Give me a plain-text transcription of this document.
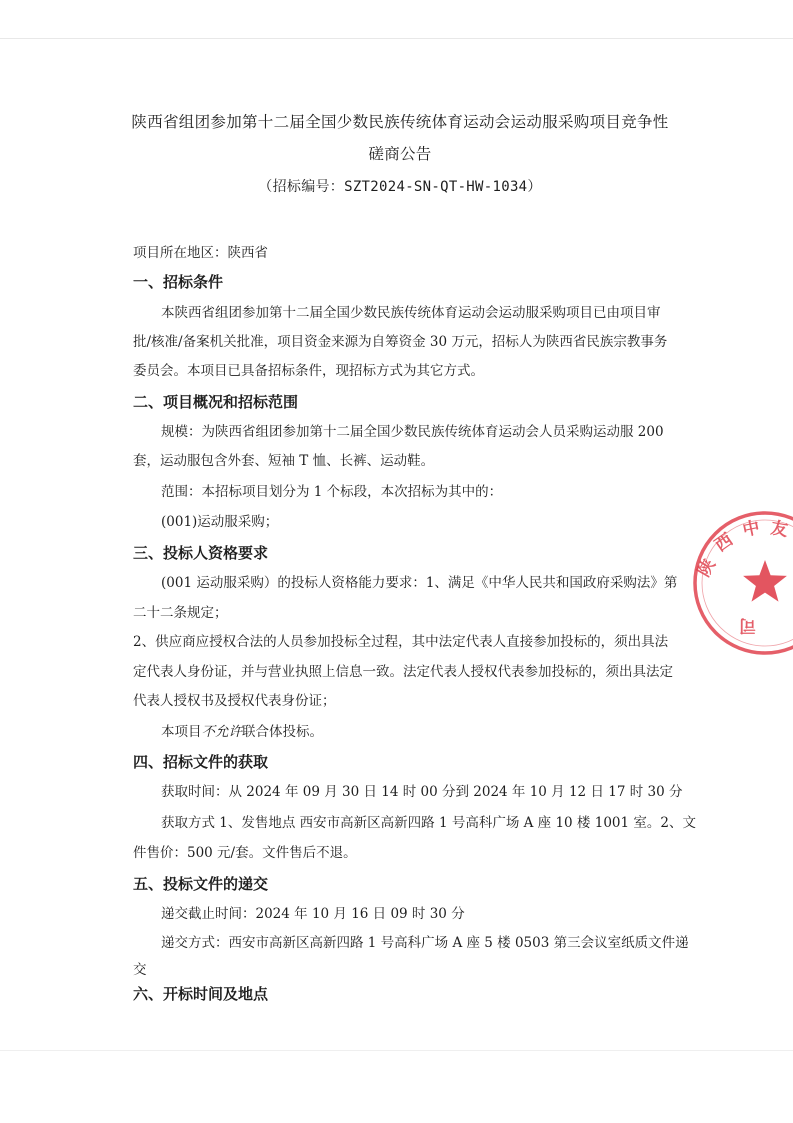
陕西省组团参加第十二届全国少数民族传统体育运动会运动服采购项目竞争性
磋商公告
（招标编号：SZT2024-SN-QT-HW-1034）
项目所在地区：陕西省
一、招标条件
本陕西省组团参加第十二届全国少数民族传统体育运动会运动服采购项目已由项目审
批/核准/备案机关批准，项目资金来源为自筹资金 30 万元，招标人为陕西省民族宗教事务
委员会。本项目已具备招标条件，现招标方式为其它方式。
二、项目概况和招标范围
规模：为陕西省组团参加第十二届全国少数民族传统体育运动会人员采购运动服 200
套，运动服包含外套、短袖 T 恤、长裤、运动鞋。
范围：本招标项目划分为 1 个标段，本次招标为其中的：
(001)运动服采购；
三、投标人资格要求
(001 运动服采购）的投标人资格能力要求：1、满足《中华人民共和国政府采购法》第
二十二条规定；
2、供应商应授权合法的人员参加投标全过程，其中法定代表人直接参加投标的，须出具法
定代表人身份证，并与营业执照上信息一致。法定代表人授权代表参加投标的，须出具法定
代表人授权书及授权代表身份证；
本项目不允许联合体投标。
四、招标文件的获取
获取时间：从 2024 年 09 月 30 日 14 时 00 分到 2024 年 10 月 12 日 17 时 30 分
获取方式 1、发售地点 西安市高新区高新四路 1 号高科广场 A 座 10 楼 1001 室。2、文
件售价：500 元/套。文件售后不退。
五、投标文件的递交
递交截止时间：2024 年 10 月 16 日 09 时 30 分
递交方式：西安市高新区高新四路 1 号高科广场 A 座 5 楼 0503 第三会议室纸质文件递
交
六、开标时间及地点
陕
西
中 友
司
